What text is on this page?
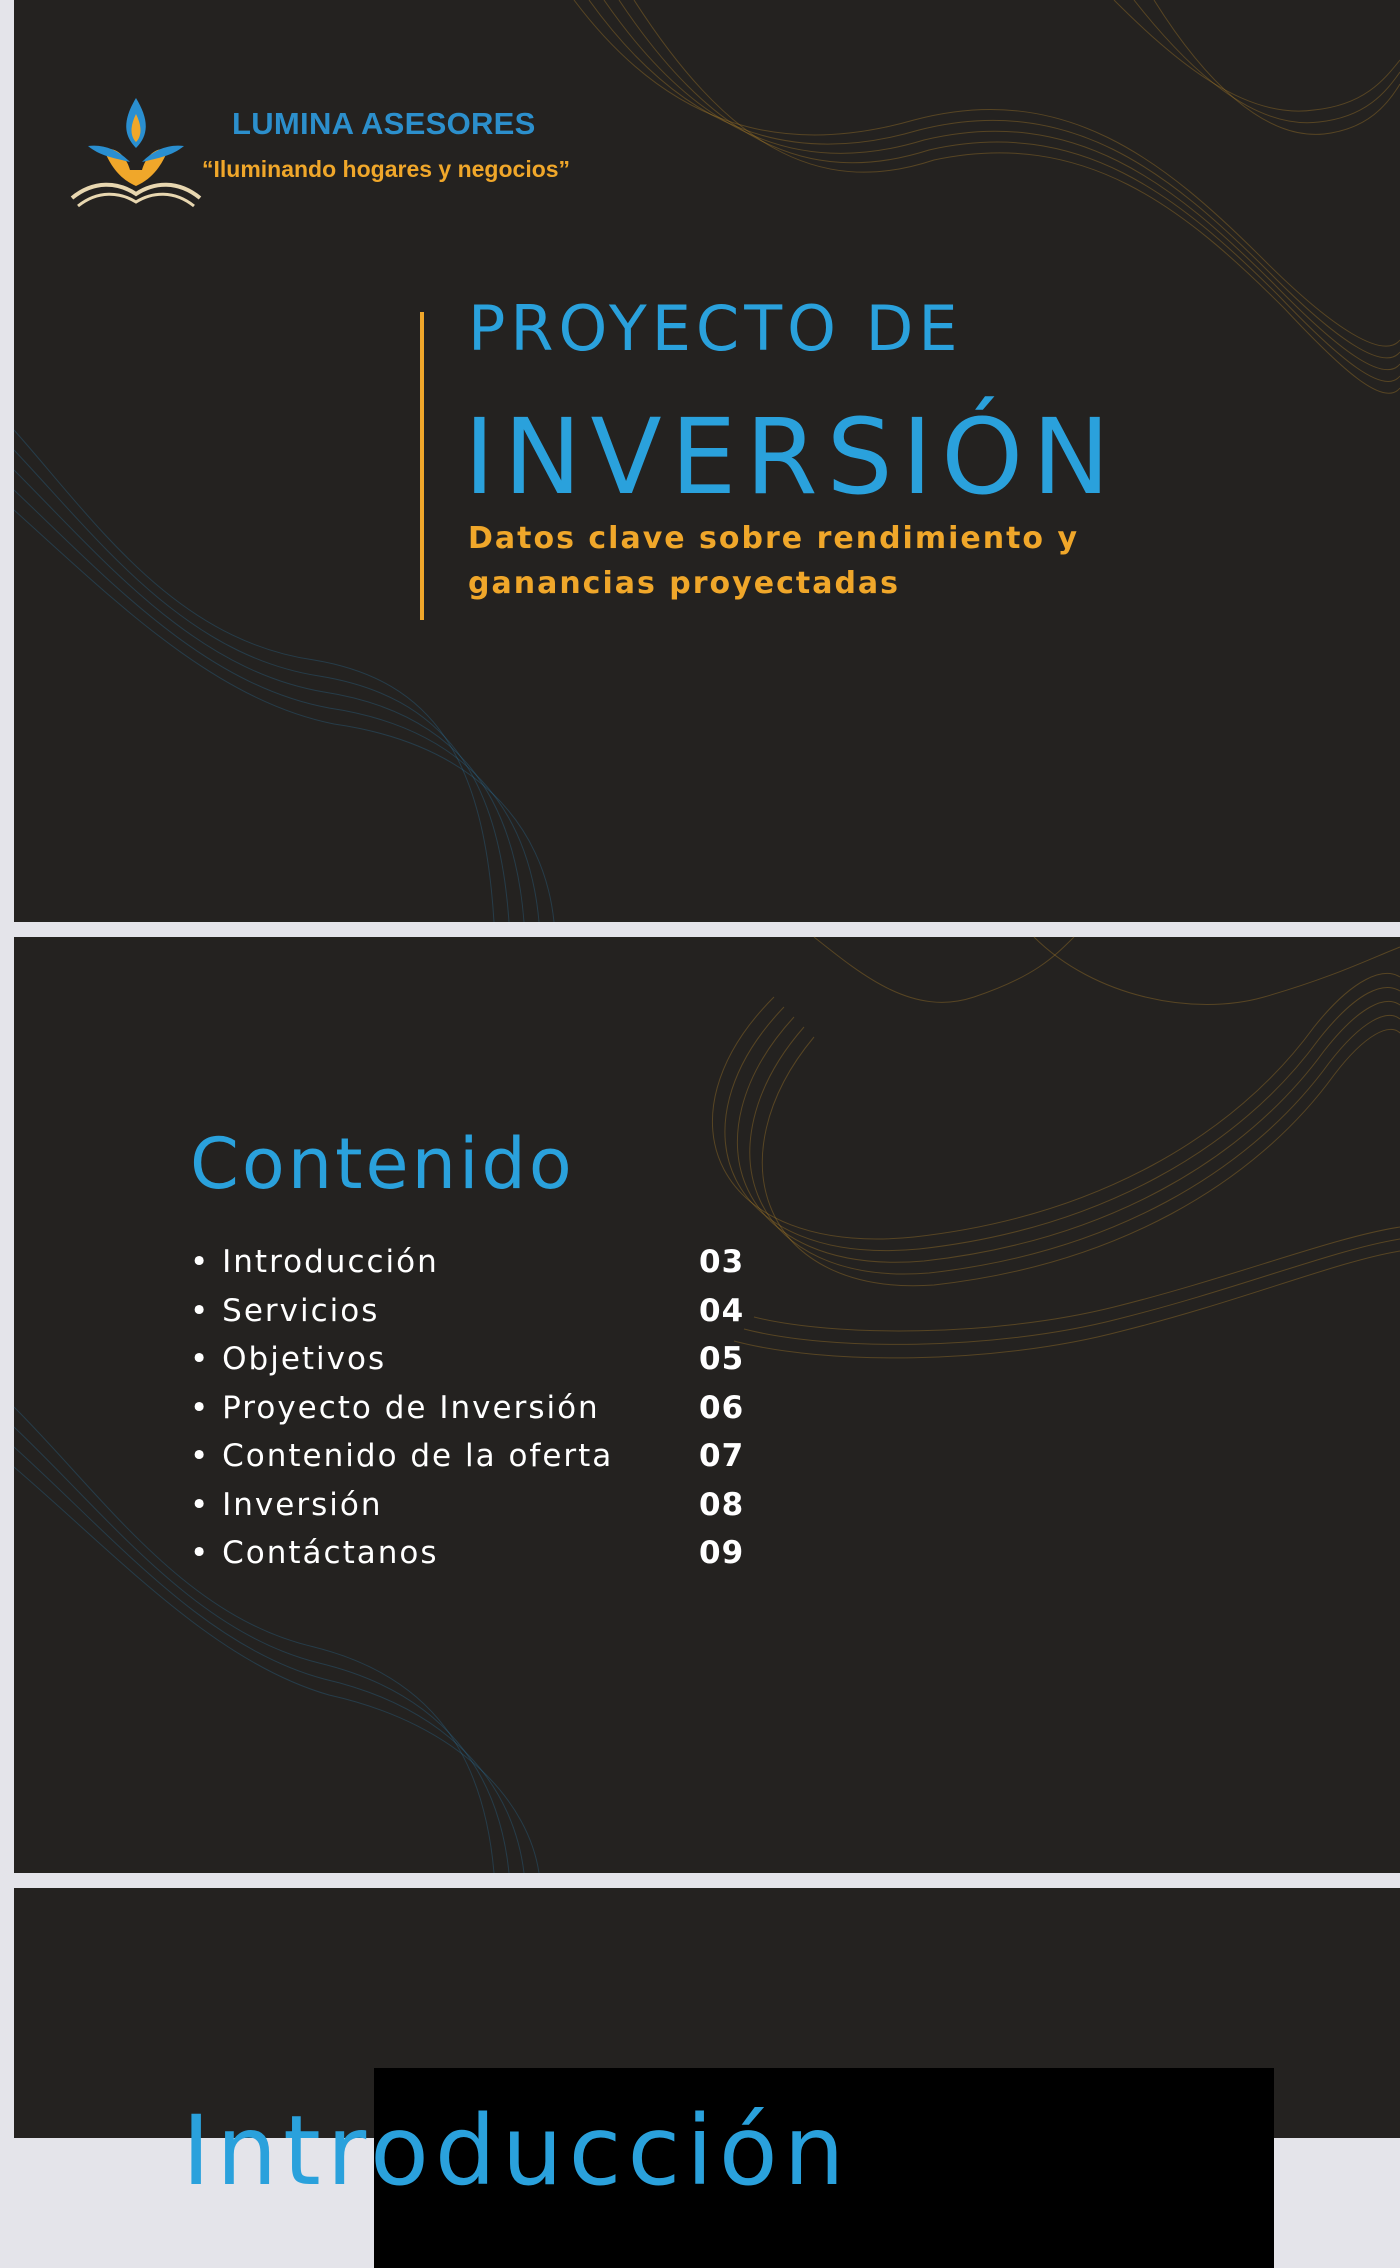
LUMINA ASESORES
“Iluminando hogares y negocios”
PROYECTO DE
INVERSIÓN
Datos clave sobre rendimiento y
ganancias proyectadas
Contenido
• Introducción	03
• Servicios	04
• Objetivos	05
• Proyecto de Inversión	06
• Contenido de la oferta	07
• Inversión	08
• Contáctanos	09
Introducción
